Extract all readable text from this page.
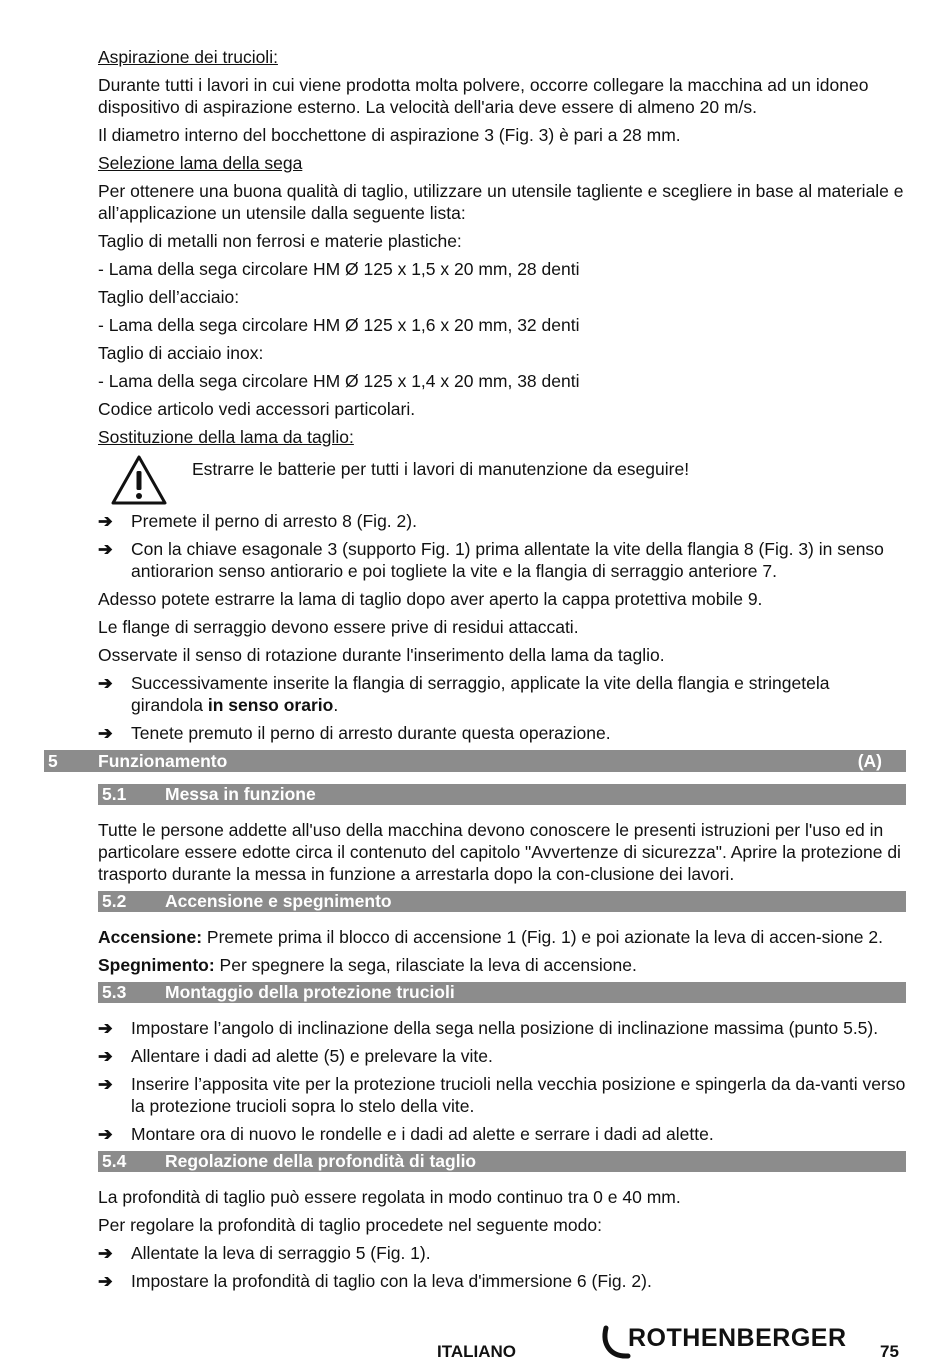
Aspirazione dei trucioli:

Durante tutti i lavori in cui viene prodotta molta polvere, occorre collegare la macchina ad un idoneo dispositivo di aspirazione esterno. La velocità dell'aria deve essere di almeno 20 m/s.

Il diametro interno del bocchettone di aspirazione 3 (Fig. 3) è pari a 28 mm.

Selezione lama della sega

Per ottenere una buona qualità di taglio, utilizzare un utensile tagliente e scegliere in base al materiale e all’applicazione un utensile dalla seguente lista:

Taglio di metalli non ferrosi e materie plastiche:

- Lama della sega circolare HM Ø 125 x 1,5 x 20 mm, 28 denti

Taglio dell’acciaio:

- Lama della sega circolare HM Ø 125 x 1,6 x 20 mm, 32 denti

Taglio di acciaio inox:

- Lama della sega circolare HM Ø 125 x 1,4 x 20 mm, 38 denti

Codice articolo vedi accessori particolari.

Sostituzione della lama da taglio:

Estrarre le batterie per tutti i lavori di manutenzione da eseguire!
➔ Premete il perno di arresto 8 (Fig. 2).
➔ Con la chiave esagonale 3 (supporto Fig. 1) prima allentate la vite della flangia 8 (Fig. 3) in senso antiorarion senso antiorario e poi togliete la vite e la flangia di serraggio anteriore 7.

Adesso potete estrarre la lama di taglio dopo aver aperto la cappa protettiva mobile 9.

Le flange di serraggio devono essere prive di residui attaccati.

Osservate il senso di rotazione durante l'inserimento della lama da taglio.

➔ Successivamente inserite la flangia di serraggio, applicate la vite della flangia e stringetela girandola in senso orario.
➔ Tenete premuto il perno di arresto durante questa operazione.
5 Funzionamento	(A)
5.1 Messa in funzione

Tutte le persone addette all'uso della macchina devono conoscere le presenti istruzioni per l'uso ed in particolare essere edotte circa il contenuto del capitolo "Avvertenze di sicurezza". Aprire la protezione di trasporto durante la messa in funzione a arrestarla dopo la con-clusione dei lavori.

5.2 Accensione e spegnimento

Accensione: Premete prima il blocco di accensione 1 (Fig. 1) e poi azionate la leva di accen-sione 2.

Spegnimento: Per spegnere la sega, rilasciate la leva di accensione.

5.3 Montaggio della protezione trucioli
➔ Impostare l’angolo di inclinazione della sega nella posizione di inclinazione massima (punto 5.5).
➔ Allentare i dadi ad alette (5) e prelevare la vite.
➔ Inserire l’apposita vite per la protezione trucioli nella vecchia posizione e spingerla da da-vanti verso la protezione trucioli sopra lo stelo della vite.
➔ Montare ora di nuovo le rondelle e i dadi ad alette e serrare i dadi ad alette.
5.4 Regolazione della profondità di taglio

La profondità di taglio può essere regolata in modo continuo tra 0 e 40 mm.

Per regolare la profondità di taglio procedete nel seguente modo:

➔ Allentate la leva di serraggio 5 (Fig. 1).
➔ Impostare la profondità di taglio con la leva d'immersione 6 (Fig. 2).
ITALIANO	ROTHENBERGER 75
